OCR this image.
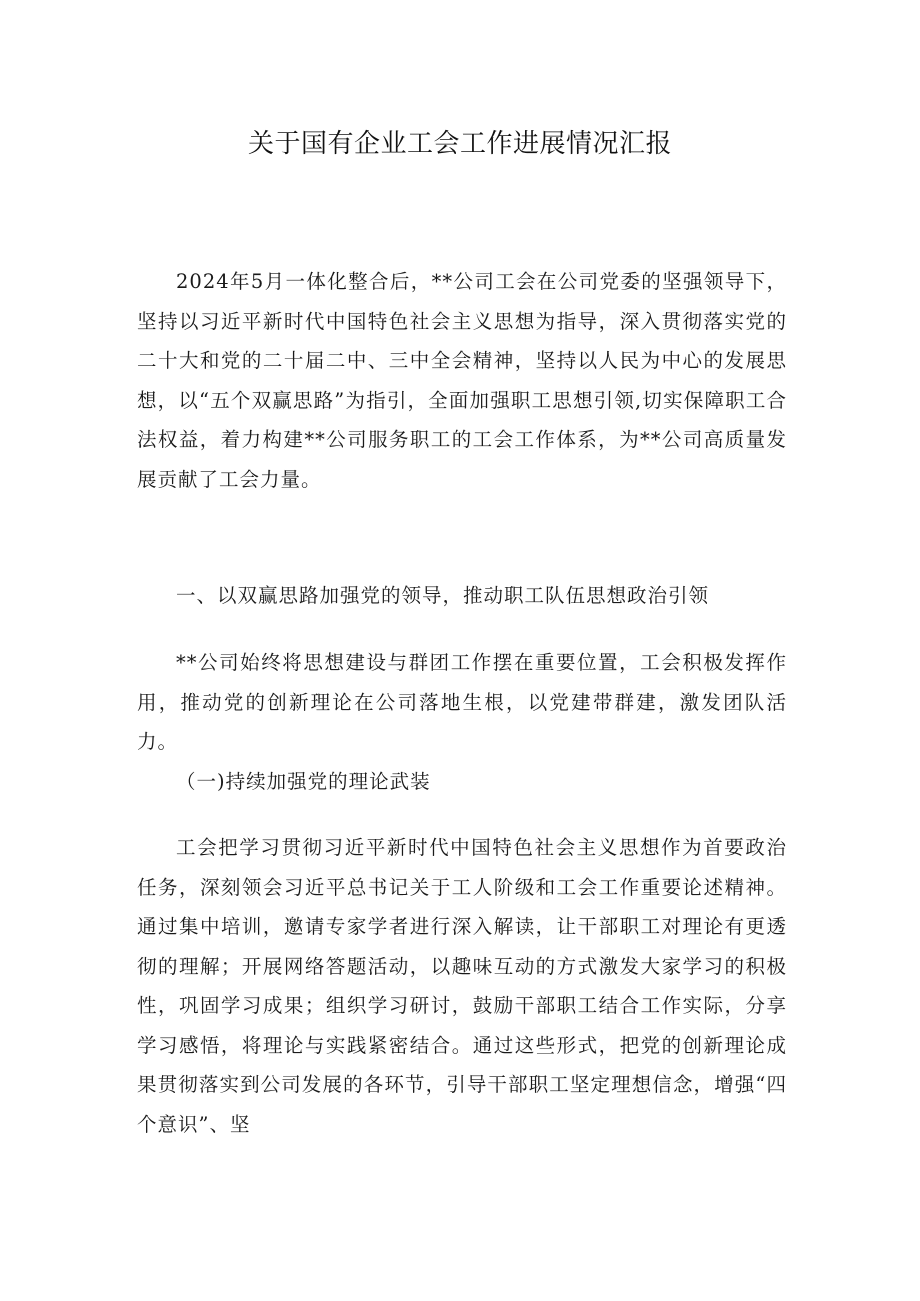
关于国有企业工会工作进展情况汇报

2024年5月一体化整合后，**公司工会在公司党委的坚强领导下，坚持以习近平新时代中国特色社会主义思想为指导，深入贯彻落实党的二十大和党的二十届二中、三中全会精神，坚持以人民为中心的发展思想，以“五个双赢思路”为指引，全面加强职工思想引领,切实保障职工合法权益，着力构建**公司服务职工的工会工作体系，为**公司高质量发展贡献了工会力量。

一、以双赢思路加强党的领导，推动职工队伍思想政治引领

**公司始终将思想建设与群团工作摆在重要位置，工会积极发挥作用，推动党的创新理论在公司落地生根，以党建带群建，激发团队活力。

（一)持续加强党的理论武装

工会把学习贯彻习近平新时代中国特色社会主义思想作为首要政治任务，深刻领会习近平总书记关于工人阶级和工会工作重要论述精神。通过集中培训，邀请专家学者进行深入解读，让干部职工对理论有更透彻的理解；开展网络答题活动，以趣味互动的方式激发大家学习的积极性，巩固学习成果；组织学习研讨，鼓励干部职工结合工作实际，分享学习感悟，将理论与实践紧密结合。通过这些形式，把党的创新理论成果贯彻落实到公司发展的各环节，引导干部职工坚定理想信念，增强“四个意识”、坚
